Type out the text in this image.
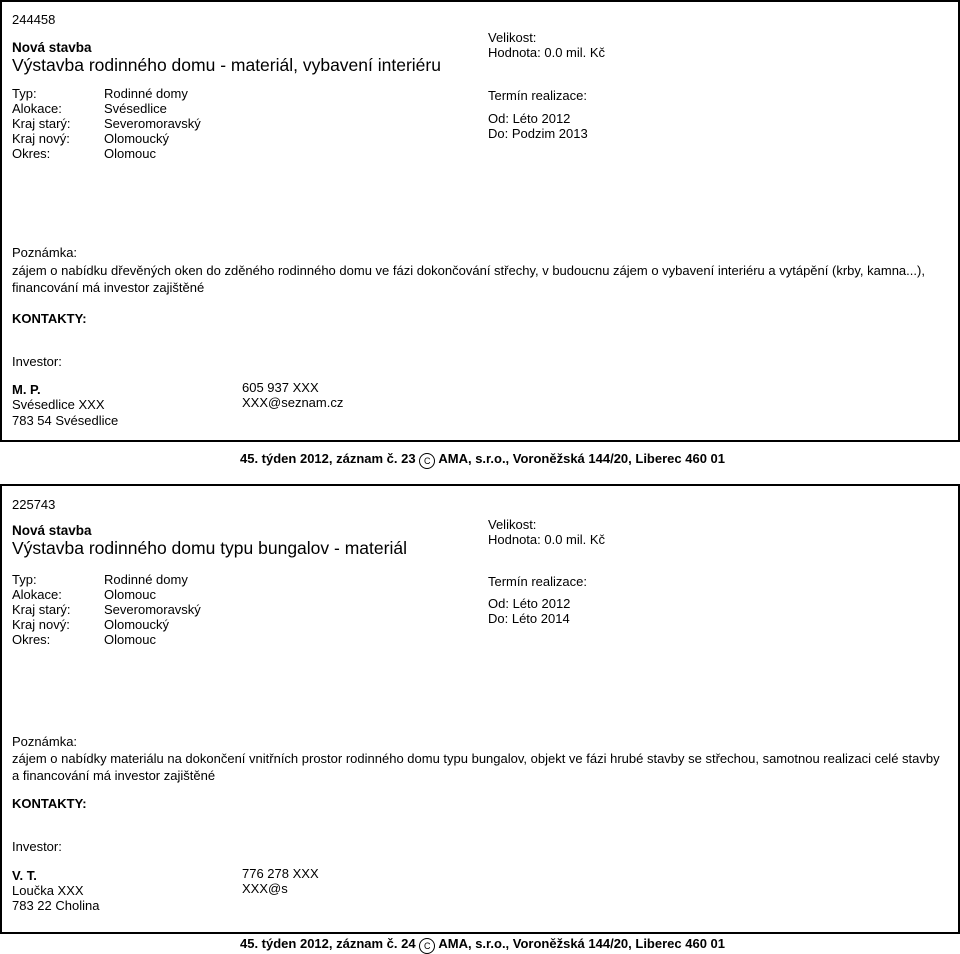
244458
Nová stavba
Výstavba rodinného domu - materiál, vybavení interiéru
Typ:	Rodinné domy
Alokace:	Svésedlice
Kraj starý:	Severomoravský
Kraj nový:	Olomoucký
Okres:	Olomouc
Velikost:
Hodnota: 0.0 mil. Kč
Termín realizace:
Od: Léto 2012
Do: Podzim 2013
Poznámka:
zájem o nabídku dřevěných oken do zděného rodinného domu ve fázi dokončování střechy, v budoucnu zájem o vybavení interiéru a vytápění (krby, kamna...), financování má investor zajištěné
KONTAKTY:
Investor:
M. P.
Svésedlice XXX
783 54 Svésedlice
605 937 XXX
XXX@seznam.cz
45. týden 2012, záznam č. 23 C AMA, s.r.o., Voroněžská 144/20, Liberec 460 01
225743
Nová stavba
Výstavba rodinného domu typu bungalov - materiál
Typ:	Rodinné domy
Alokace:	Olomouc
Kraj starý:	Severomoravský
Kraj nový:	Olomoucký
Okres:	Olomouc
Velikost:
Hodnota: 0.0 mil. Kč
Termín realizace:
Od: Léto 2012
Do: Léto 2014
Poznámka:
zájem o nabídky materiálu na dokončení vnitřních prostor rodinného domu typu bungalov, objekt ve fázi hrubé stavby se střechou, samotnou realizaci celé stavby a financování má investor zajištěné
KONTAKTY:
Investor:
V. T.
Loučka XXX
783 22 Cholina
776 278 XXX
XXX@s
45. týden 2012, záznam č. 24 C AMA, s.r.o., Voroněžská 144/20, Liberec 460 01
